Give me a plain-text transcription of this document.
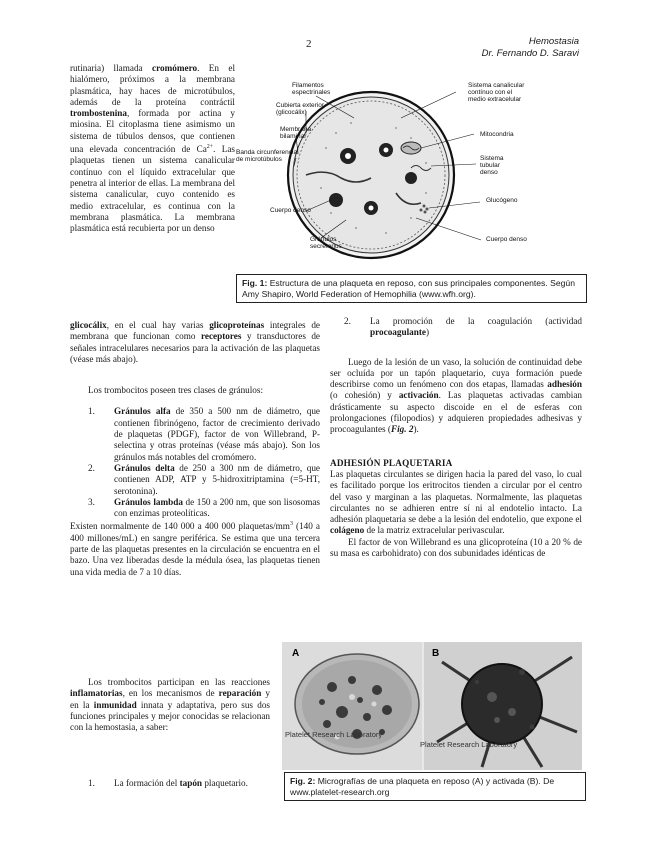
2	Hemostasia
Dr. Fernando D. Saravi

rutinaria) llamada cromómero. En el hialómero, próximos a la membrana plasmática, hay haces de microtúbulos, además de la proteína contráctil trombostenina, formada por actina y miosina. El citoplasma tiene asimismo un sistema de túbulos densos, que contienen una elevada concentración de $Ca^{2+}$. Las plaquetas tienen un sistema canalicular contínuo con el líquido extracelular que penetra al interior de ellas. La membrana del sistema canalicular, cuyo contenido es medio extracelular, es continua con la membrana plasmática. La membrana plasmática está recubierta por un denso

glicocálix, en el cual hay varias glicoproteínas integrales de membrana que funcionan como receptores y transductores de señales intracelulares necesarios para la activación de las plaquetas (véase más abajo).

Los trombocitos poseen tres clases de gránulos:

1. Gránulos alfa de 350 a 500 nm de diámetro, que contienen fibrinógeno, factor de crecimiento derivado de plaquetas (PDGF), factor de von Willebrand, P-selectina y otras proteínas (véase más abajo). Son los gránulos más notables del cromómero.
2. Gránulos delta de 250 a 300 nm de diámetro, que contienen ADP, ATP y 5-hidroxitriptamina (=5-HT, serotonina).
3. Gránulos lambda de 150 a 200 nm, que son lisosomas con enzimas proteolíticas.

Existen normalmente de 140 000 a 400 000 plaquetas/$mm^3$ (140 a 400 millones/mL) en sangre periférica. Se estima que una tercera parte de las plaquetas presentes en la circulación se encuentra en el bazo. Una vez liberadas desde la médula ósea, las plaquetas tienen una vida media de 7 a 10 días.

Los trombocitos participan en las reacciones inflamatorias, en los mecanismos de reparación y en la inmunidad innata y adaptativa, pero sus dos funciones principales y mejor conocidas se relacionan con la hemostasia, a saber:

1. La formación del tapón plaquetario.
Filamentos espectrinales
Cubierta exterior (glicocálix)
Membrana bilaminar
Banda circunferencial de microtúbulos
Cuerpo denso
Gránulos secretorios
Sistema canalicular contínuo con el medio extracelular
Mitocondria
Sistema tubular denso
Glucógeno
Cuerpo denso
Fig. 1: Estructura de una plaqueta en reposo, con sus principales componentes. Según Amy Shapiro, World Federation of Hemophilia (www.wfh.org).
2. La promoción de la coagulación (actividad procoagulante)

Luego de la lesión de un vaso, la solución de continuidad debe ser ocluída por un tapón plaquetario, cuya formación puede describirse como un fenómeno con dos etapas, llamadas adhesión (o cohesión) y activación. Las plaquetas activadas cambian drásticamente su aspecto discoide en el de esferas con prolongaciones (filopodios) y adquieren propiedades adhesivas y procoagulantes (Fig. 2).

ADHESIÓN PLAQUETARIA

Las plaquetas circulantes se dirigen hacia la pared del vaso, lo cual es facilitado porque los eritrocitos tienden a circular por el centro del vaso y marginan a las plaquetas. Normalmente, las plaquetas circulantes no se adhieren entre sí ni al endotelio intacto. La adhesión plaquetaria se debe a la lesión del endotelio, que expone el colágeno de la matriz extracelular perivascular.

El factor de von Willebrand es una glicoproteína (10 a 20 % de su masa es carbohidrato) con dos subunidades idénticas de

A	B
Platelet Research Laboratory
Platelet Research Laboratory
Fig. 2: Micrografías de una plaqueta en reposo (A) y activada (B). De www.platelet-research.org
